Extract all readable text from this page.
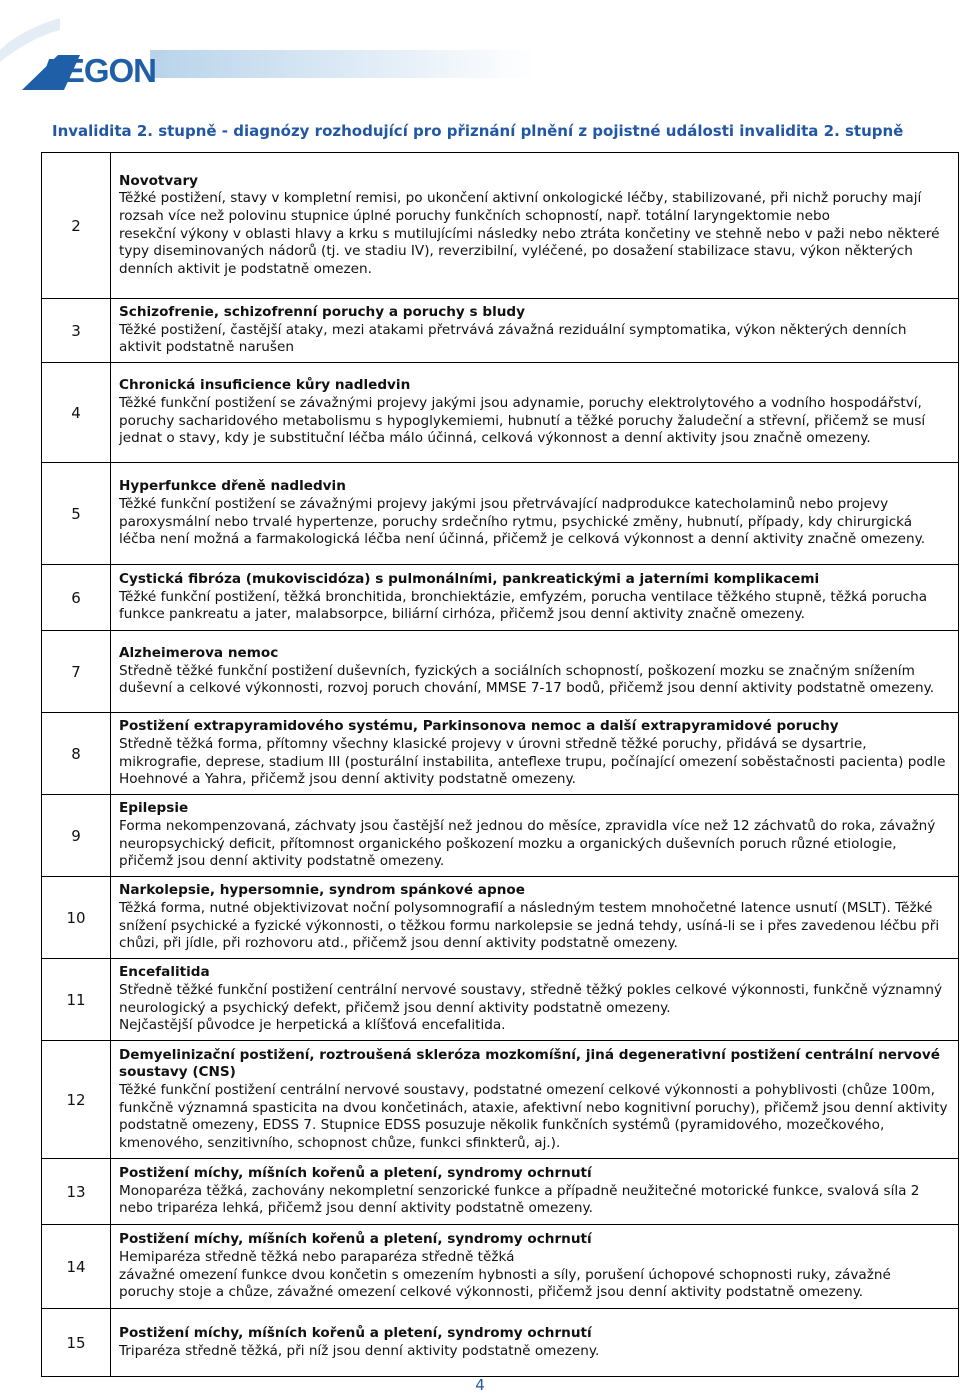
AEGON
Invalidita 2. stupně - diagnózy rozhodující pro přiznání plnění z pojistné události invalidita 2. stupně
2	Novotvary
Těžké postižení, stavy v kompletní remisi, po ukončení aktivní onkologické léčby, stabilizované, při nichž poruchy mají rozsah více než polovinu stupnice úplné poruchy funkčních schopností, např. totální laryngektomie nebo
resekční výkony v oblasti hlavy a krku s mutilujícími následky nebo ztráta končetiny ve stehně nebo v paži nebo některé typy diseminovaných nádorů (tj. ve stadiu IV), reverzibilní, vyléčené, po dosažení stabilizace stavu, výkon některých denních aktivit je podstatně omezen.

3	Schizofrenie, schizofrenní poruchy a poruchy s bludy
Těžké postižení, častější ataky, mezi atakami přetrvává závažná reziduální symptomatika, výkon některých denních aktivit podstatně narušen

4	Chronická insuficience kůry nadledvin
Těžké funkční postižení se závažnými projevy jakými jsou adynamie, poruchy elektrolytového a vodního hospodářství, poruchy sacharidového metabolismu s hypoglykemiemi, hubnutí a těžké poruchy žaludeční a střevní, přičemž se musí jednat o stavy, kdy je substituční léčba málo účinná, celková výkonnost a denní aktivity jsou značně omezeny.

5	Hyperfunkce dřeně nadledvin
Těžké funkční postižení se závažnými projevy jakými jsou přetrvávající nadprodukce katecholaminů nebo projevy paroxysmální nebo trvalé hypertenze, poruchy srdečního rytmu, psychické změny, hubnutí, případy, kdy chirurgická léčba není možná a farmakologická léčba není účinná, přičemž je celková výkonnost a denní aktivity značně omezeny.

6	Cystická fibróza (mukoviscidóza) s pulmonálními, pankreatickými a jaterními komplikacemi
Těžké funkční postižení, těžká bronchitida, bronchiektázie, emfyzém, porucha ventilace těžkého stupně, těžká porucha funkce pankreatu a jater, malabsorpce, biliární cirhóza, přičemž jsou denní aktivity značně omezeny.

7	Alzheimerova nemoc
Středně těžké funkční postižení duševních, fyzických a sociálních schopností, poškození mozku se značným snížením duševní a celkové výkonnosti, rozvoj poruch chování, MMSE 7-17 bodů, přičemž jsou denní aktivity podstatně omezeny.

8	Postižení extrapyramidového systému, Parkinsonova nemoc a další extrapyramidové poruchy
Středně těžká forma, přítomny všechny klasické projevy v úrovni středně těžké poruchy, přidává se dysartrie, mikrografie, deprese, stadium III (posturální instabilita, anteflexe trupu, počínající omezení soběstačnosti pacienta) podle Hoehnové a Yahra, přičemž jsou denní aktivity podstatně omezeny.

9	Epilepsie
Forma nekompenzovaná, záchvaty jsou častější než jednou do měsíce, zpravidla více než 12 záchvatů do roka, závažný neuropsychický deficit, přítomnost organického poškození mozku a organických duševních poruch různé etiologie, přičemž jsou denní aktivity podstatně omezeny.

10	Narkolepsie, hypersomnie, syndrom spánkové apnoe
Těžká forma, nutné objektivizovat noční polysomnografií a následným testem mnohočetné latence usnutí (MSLT). Těžké snížení psychické a fyzické výkonnosti, o těžkou formu narkolepsie se jedná tehdy, usíná-li se i přes zavedenou léčbu při chůzi, při jídle, při rozhovoru atd., přičemž jsou denní aktivity podstatně omezeny.

11	Encefalitida
Středně těžké funkční postižení centrální nervové soustavy, středně těžký pokles celkové výkonnosti, funkčně významný neurologický a psychický defekt, přičemž jsou denní aktivity podstatně omezeny.
Nejčastější původce je herpetická a klíšťová encefalitida.

12	Demyelinizační postižení, roztroušená skleróza mozkomíšní, jiná degenerativní postižení centrální nervové soustavy (CNS)
Těžké funkční postižení centrální nervové soustavy, podstatné omezení celkové výkonnosti a pohyblivosti (chůze 100m, funkčně významná spasticita na dvou končetinách, ataxie, afektivní nebo kognitivní poruchy), přičemž jsou denní aktivity podstatně omezeny, EDSS 7. Stupnice EDSS posuzuje několik funkčních systémů (pyramidového, mozečkového, kmenového, senzitivního, schopnost chůze, funkci sfinkterů, aj.).

13	Postižení míchy, míšních kořenů a pletení, syndromy ochrnutí
Monoparéza těžká, zachovány nekompletní senzorické funkce a případně neužitečné motorické funkce, svalová síla 2 nebo triparéza lehká, přičemž jsou denní aktivity podstatně omezeny.

14	Postižení míchy, míšních kořenů a pletení, syndromy ochrnutí
Hemiparéza středně těžká nebo paraparéza středně těžká
závažné omezení funkce dvou končetin s omezením hybnosti a síly, porušení úchopové schopnosti ruky, závažné poruchy stoje a chůze, závažné omezení celkové výkonnosti, přičemž jsou denní aktivity podstatně omezeny.

15	Postižení míchy, míšních kořenů a pletení, syndromy ochrnutí
Triparéza středně těžká, při níž jsou denní aktivity podstatně omezeny.
4
